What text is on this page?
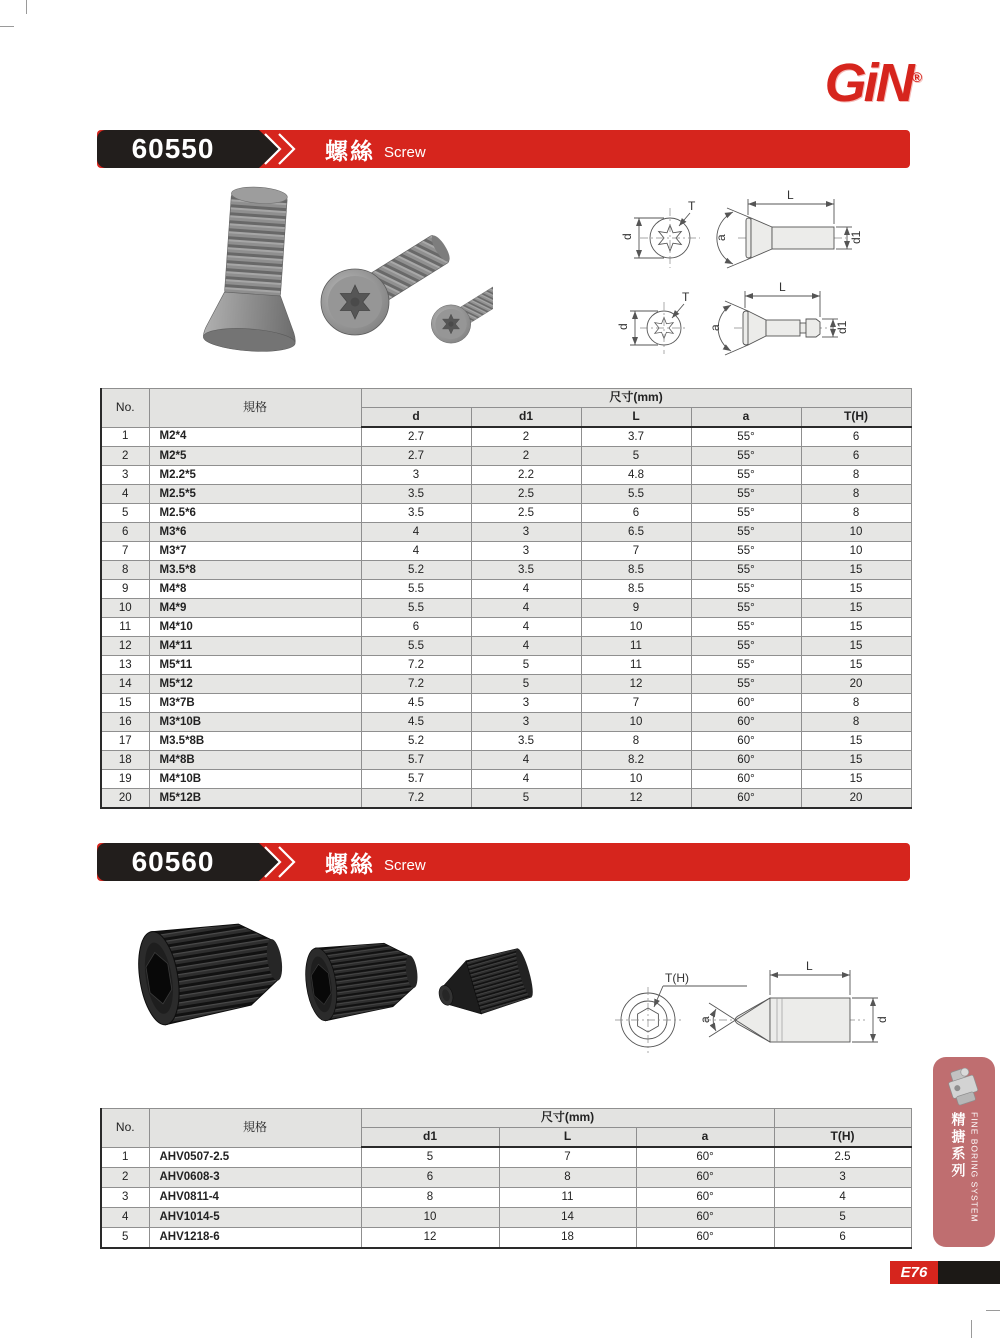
GiN®
60550	螺絲 Screw
d
T
a
L
d1
d
T
a
L
d1
No.	規格	尺寸(mm)				
		d	d1	L	a	T(H)
1	M2*4	2.7	2	3.7	55°	6
2	M2*5	2.7	2	5	55°	6
3	M2.2*5	3	2.2	4.8	55°	8
4	M2.5*5	3.5	2.5	5.5	55°	8
5	M2.5*6	3.5	2.5	6	55°	8
6	M3*6	4	3	6.5	55°	10
7	M3*7	4	3	7	55°	10
8	M3.5*8	5.2	3.5	8.5	55°	15
9	M4*8	5.5	4	8.5	55°	15
10	M4*9	5.5	4	9	55°	15
11	M4*10	6	4	10	55°	15
12	M4*11	5.5	4	11	55°	15
13	M5*11	7.2	5	11	55°	15
14	M5*12	7.2	5	12	55°	20
15	M3*7B	4.5	3	7	60°	8
16	M3*10B	4.5	3	10	60°	8
17	M3.5*8B	5.2	3.5	8	60°	15
18	M4*8B	5.7	4	8.2	60°	15
19	M4*10B	5.7	4	10	60°	15
20	M5*12B	7.2	5	12	60°	20
60560	螺絲 Screw
T(H)
a
L
d
No.	規格	尺寸(mm)			
		d1	L	a	T(H)
1	AHV0507-2.5	5	7	60°	2.5
2	AHV0608-3	6	8	60°	3
3	AHV0811-4	8	11	60°	4
4	AHV1014-5	10	14	60°	5
5	AHV1218-6	12	18	60°	6
精搪系列 FINE BORING SYSTEM
E76
